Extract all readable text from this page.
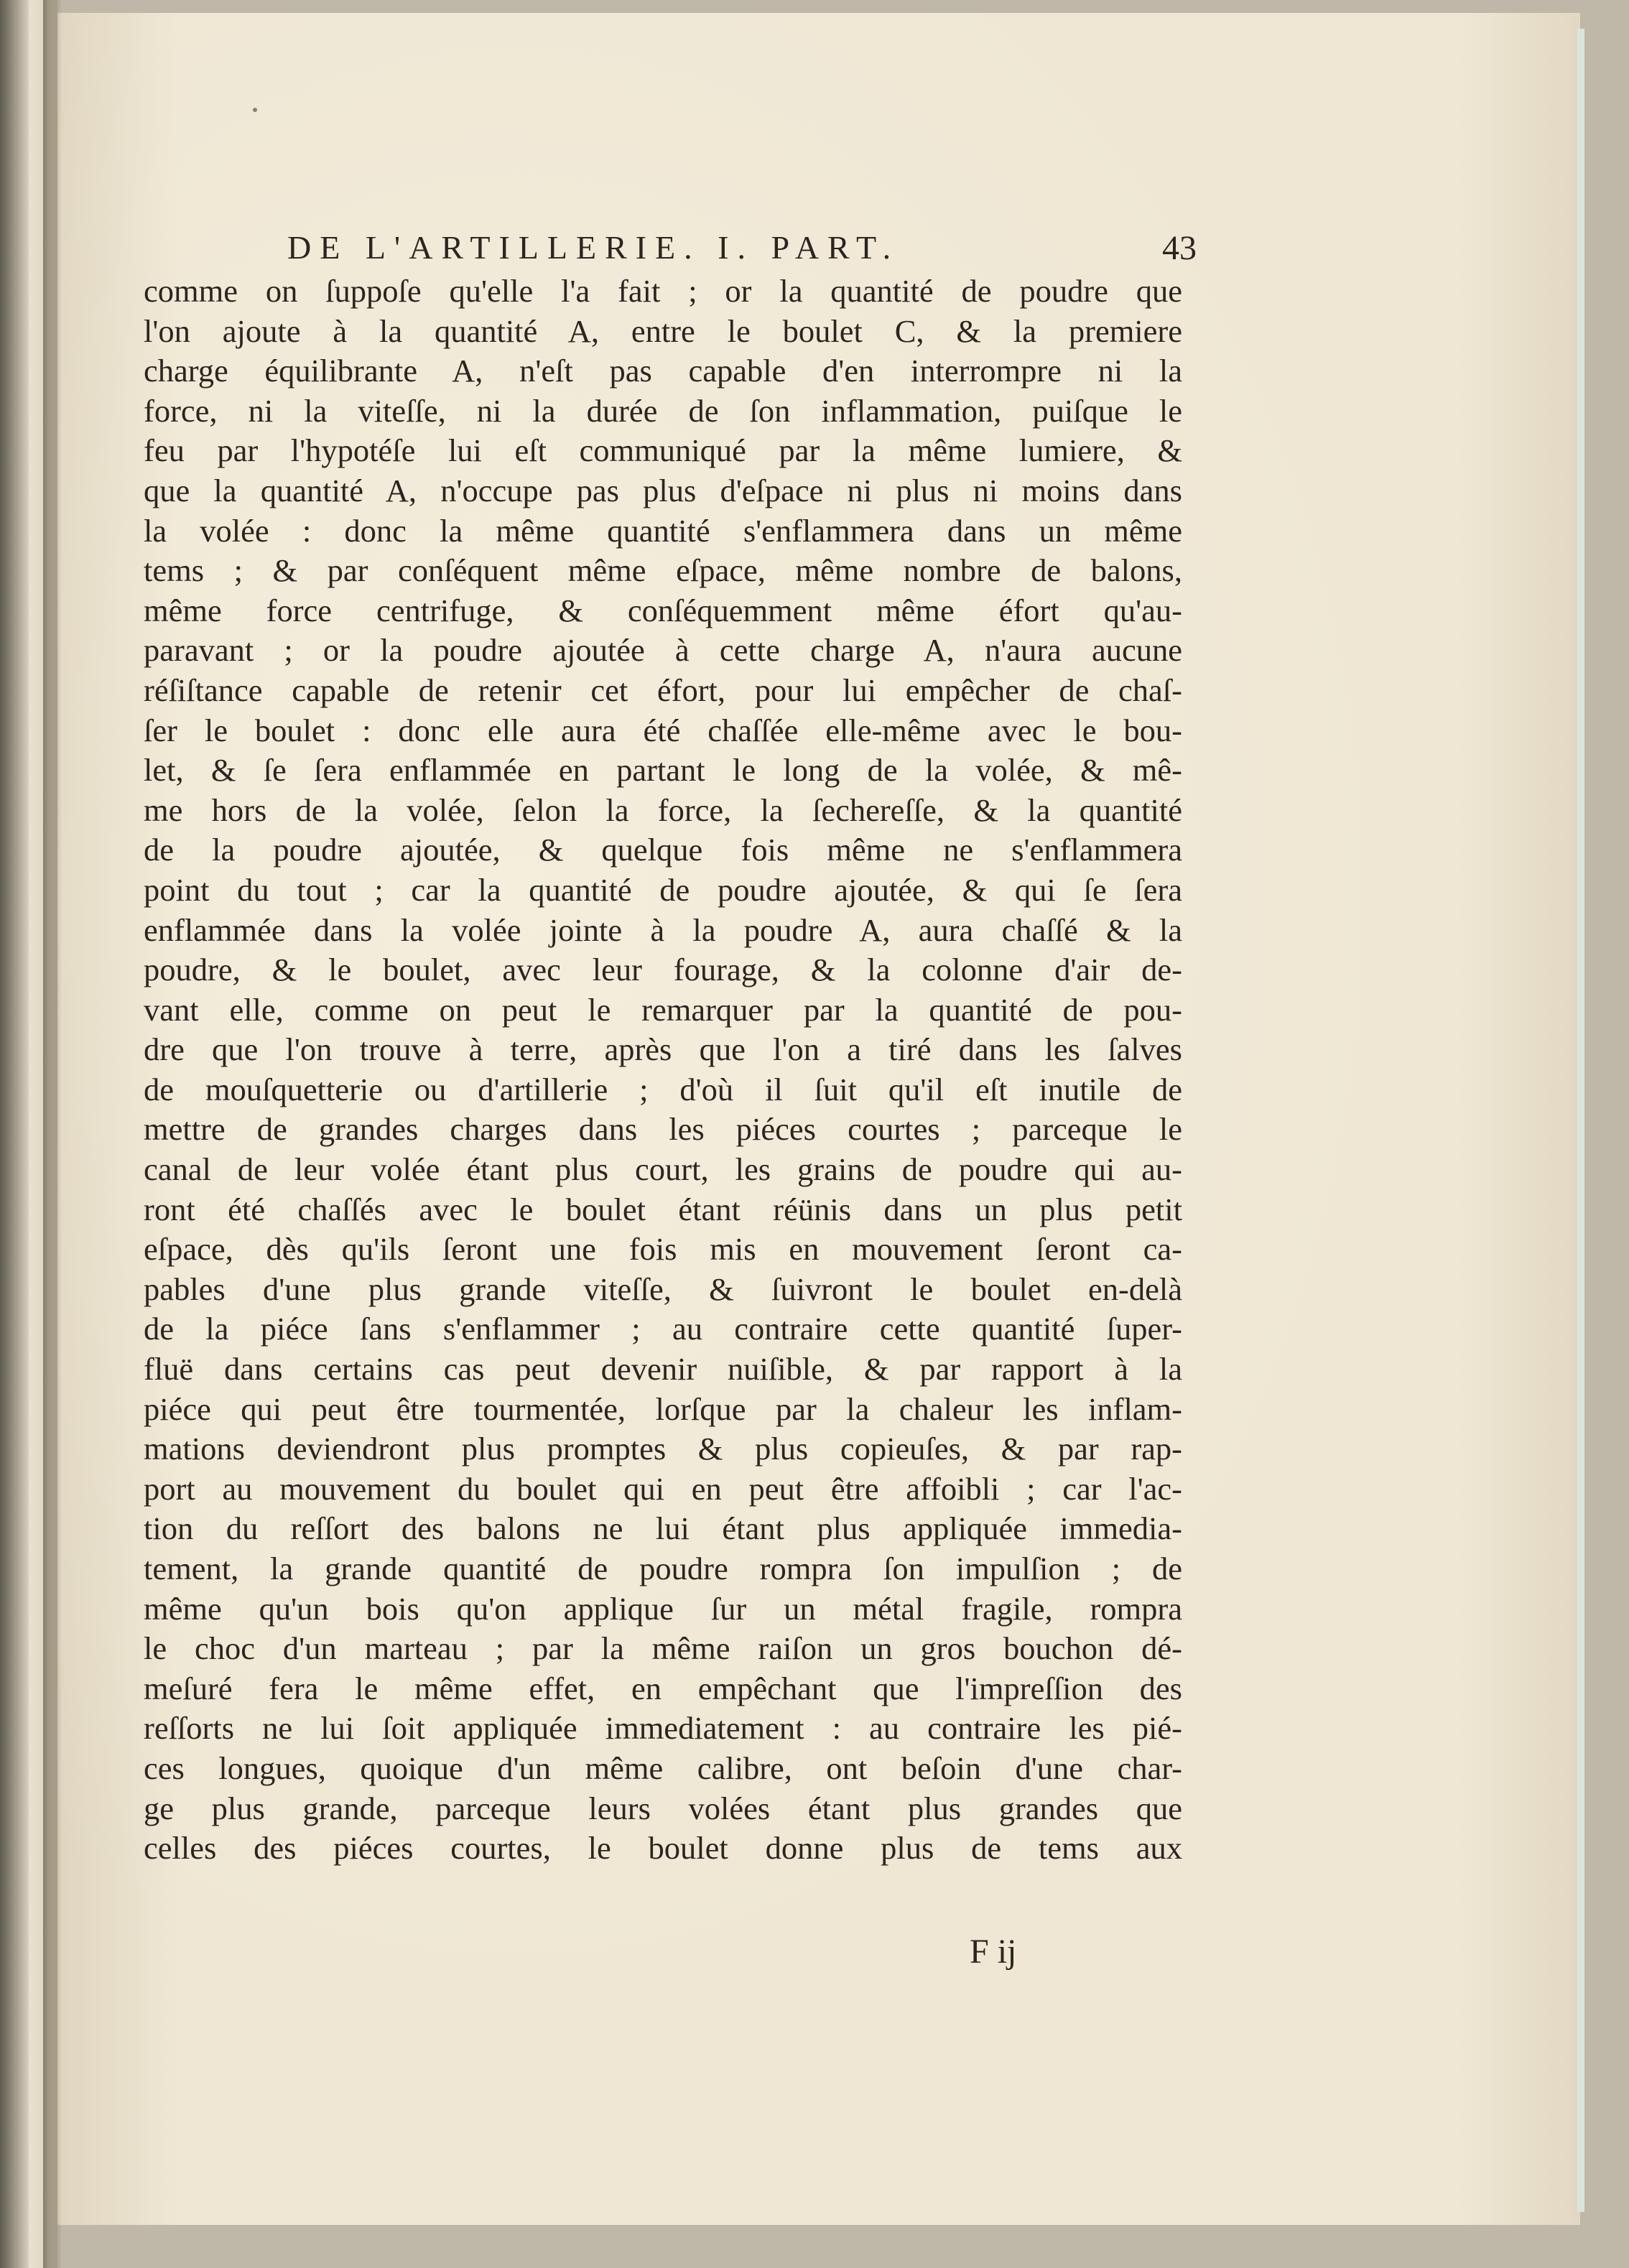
DE L'ARTILLERIE. I. PART.	43
comme on ſuppoſe qu'elle l'a fait ; or la quantité de poudre que
l'on ajoute à la quantité A, entre le boulet C, & la premiere
charge équilibrante A, n'eſt pas capable d'en interrompre ni la
force, ni la viteſſe, ni la durée de ſon inflammation, puiſque le
feu par l'hypotéſe lui eſt communiqué par la même lumiere, &
que la quantité A, n'occupe pas plus d'eſpace ni plus ni moins dans
la volée : donc la même quantité s'enflammera dans un même
tems ; & par conſéquent même eſpace, même nombre de balons,
même force centrifuge, & conſéquemment même éfort qu'au-
paravant ; or la poudre ajoutée à cette charge A, n'aura aucune
réſiſtance capable de retenir cet éfort, pour lui empêcher de chaſ-
ſer le boulet : donc elle aura été chaſſée elle-même avec le bou-
let, & ſe ſera enflammée en partant le long de la volée, & mê-
me hors de la volée, ſelon la force, la ſechereſſe, & la quantité
de la poudre ajoutée, & quelque fois même ne s'enflammera
point du tout ; car la quantité de poudre ajoutée, & qui ſe ſera
enflammée dans la volée jointe à la poudre A, aura chaſſé & la
poudre, & le boulet, avec leur fourage, & la colonne d'air de-
vant elle, comme on peut le remarquer par la quantité de pou-
dre que l'on trouve à terre, après que l'on a tiré dans les ſalves
de mouſquetterie ou d'artillerie ; d'où il ſuit qu'il eſt inutile de
mettre de grandes charges dans les piéces courtes ; parceque le
canal de leur volée étant plus court, les grains de poudre qui au-
ront été chaſſés avec le boulet étant réünis dans un plus petit
eſpace, dès qu'ils ſeront une fois mis en mouvement ſeront ca-
pables d'une plus grande viteſſe, & ſuivront le boulet en-delà
de la piéce ſans s'enflammer ; au contraire cette quantité ſuper-
fluë dans certains cas peut devenir nuiſible, & par rapport à la
piéce qui peut être tourmentée, lorſque par la chaleur les inflam-
mations deviendront plus promptes & plus copieuſes, & par rap-
port au mouvement du boulet qui en peut être affoibli ; car l'ac-
tion du reſſort des balons ne lui étant plus appliquée immedia-
tement, la grande quantité de poudre rompra ſon impulſion ; de
même qu'un bois qu'on applique ſur un métal fragile, rompra
le choc d'un marteau ; par la même raiſon un gros bouchon dé-
meſuré fera le même effet, en empêchant que l'impreſſion des
reſſorts ne lui ſoit appliquée immediatement : au contraire les pié-
ces longues, quoique d'un même calibre, ont beſoin d'une char-
ge plus grande, parceque leurs volées étant plus grandes que
celles des piéces courtes, le boulet donne plus de tems aux
F ij
